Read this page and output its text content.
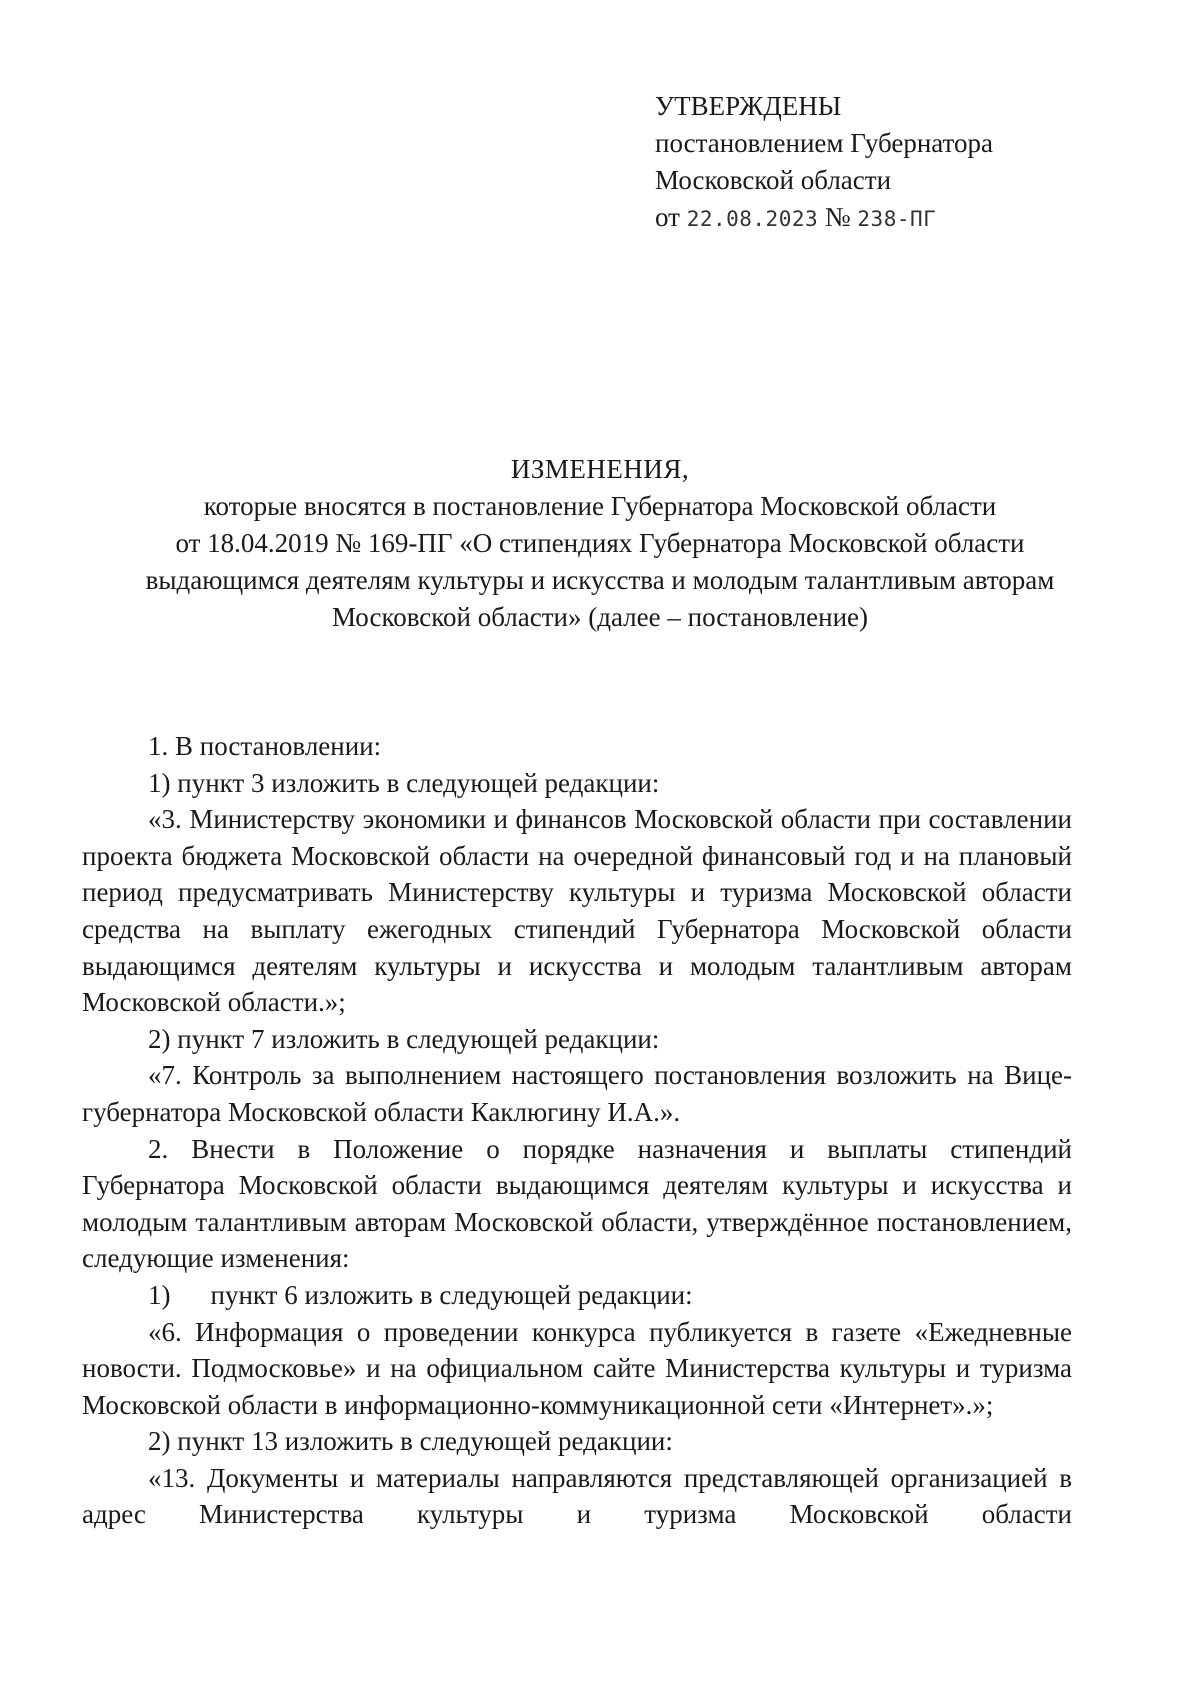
УТВЕРЖДЕНЫ
постановлением Губернатора
Московской области
от 22.08.2023 № 238-ПГ
ИЗМЕНЕНИЯ,
которые вносятся в постановление Губернатора Московской области
от 18.04.2019 № 169-ПГ «О стипендиях Губернатора Московской области
выдающимся деятелям культуры и искусства и молодым талантливым авторам
Московской области» (далее – постановление)

1. В постановлении:

1) пункт 3 изложить в следующей редакции:

«3. Министерству экономики и финансов Московской области при составлении проекта бюджета Московской области на очередной финансовый год и на плановый период предусматривать Министерству культуры и туризма Московской области средства на выплату ежегодных стипендий Губернатора Московской области выдающимся деятелям культуры и искусства и молодым талантливым авторам Московской области.»;

2) пункт 7 изложить в следующей редакции:

«7. Контроль за выполнением настоящего постановления возложить на Вице-губернатора Московской области Каклюгину И.А.».

2. Внести в Положение о порядке назначения и выплаты стипендий Губернатора Московской области выдающимся деятелям культуры и искусства и молодым талантливым авторам Московской области, утверждённое постановлением, следующие изменения:

1) пункт 6 изложить в следующей редакции:

«6. Информация о проведении конкурса публикуется в газете «Ежедневные новости. Подмосковье» и на официальном сайте Министерства культуры и туризма Московской области в информационно-коммуникационной сети «Интернет».»;

2) пункт 13 изложить в следующей редакции:

«13. Документы и материалы направляются представляющей организацией в адрес Министерства культуры и туризма Московской области
